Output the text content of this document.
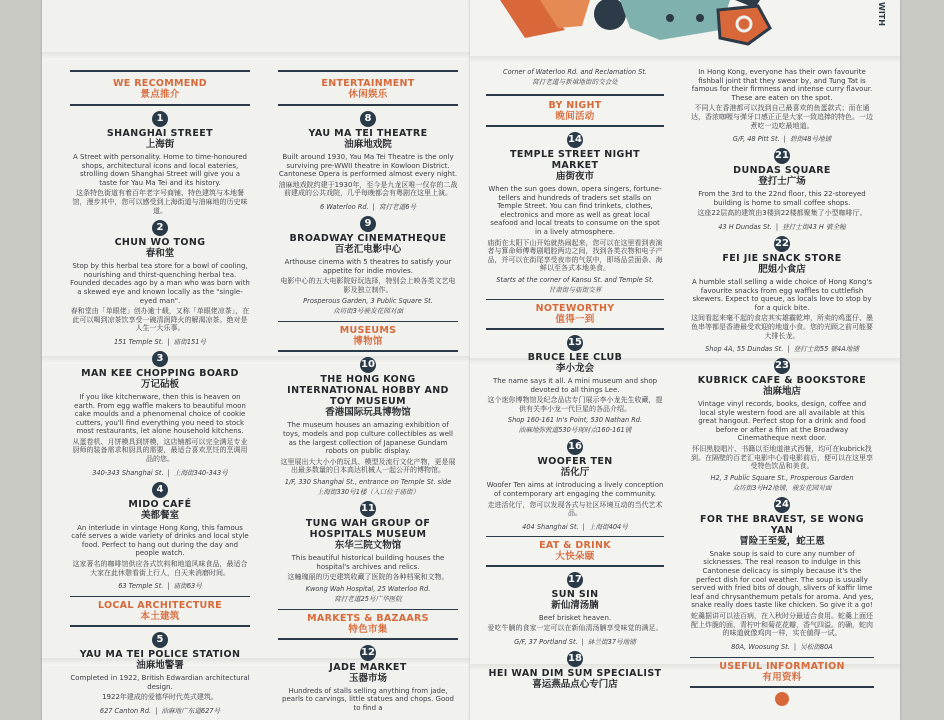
WE RECOMMEND
景点推介
1
SHANGHAI STREET
上海街
A Street with personality. Home to time-honoured shops, architectural icons and local eateries, strolling down Shanghai Street will give you a taste for Yau Ma Tei and its history.
这条特色街道有着百年老字号商铺、特色建筑与本地餐馆，漫步其中，您可以感受到上海街道与油麻地的历史味道。
2
CHUN WO TONG
春和堂
Stop by this herbal tea store for a bowl of cooling, nourishing and thirst-quenching herbal tea. Founded decades ago by a man who was born with a skewed eye and known locally as the "single-eyed man".
春和堂由「单眼佬」创办逾十载，又称「单眼佬凉茶」，在此可以喝到凉茶饮享受一碗清润降火的解渴凉茶。绝对是人生一大乐事。
151 Temple St. | 庙街151号
3
MAN KEE CHOPPING BOARD
万记砧板
If you like kitchenware, then this is heaven on earth. From egg waffle makers to beautiful moon cake moulds and a phenomenal choice of cookie cutters, you'll find everything you need to stock most restaurants, let alone household kitchens.
从蛋卷机、月饼模具到饼模，这店铺都可以完全满足专业厨师的装备需求和厨具的需要，最适合喜欢烹饪的烹调用品的您。
340-343 Shanghai St. | 上海街340-343号
4
MIDO CAFÉ
美都餐室
An interlude in vintage Hong Kong, this famous café serves a wide variety of drinks and local style food. Perfect to hang out during the day and people watch.
这家著名的咖啡馆供应各式饮料和地道风味食品，最适合大家在此休憩看街上行人，白天来消磨时间。
63 Temple St. | 庙街63号
LOCAL ARCHITECTURE
本土建筑
5
YAU MA TEI POLICE STATION
油麻地警署
Completed in 1922, British Edwardian architectural design.
1922年建成的爱德华时代英式建筑。
627 Canton Rd. | 油麻地广东道627号
ENTERTAINMENT
休闲娱乐
8
YAU MA TEI THEATRE
油麻地戏院
Built around 1930, Yau Ma Tei Theatre is the only surviving pre-WWII theatre in Kowloon District. Cantonese Opera is performed almost every night.
油麻地戏院约建于1930年，至今是九龙区唯一仅存的二战前建成的公共戏院，几乎每晚都会有粤剧在这里上演。
6 Waterloo Rd. | 窝打老道6号
9
BROADWAY CINEMATHEQUE
百老汇电影中心
Arthouse cinema with 5 theatres to satisfy your appetite for indie movies.
电影中心的五大电影院好玩选择，特别会上映各类文艺电影及独立制作。
Prosperous Garden, 3 Public Square St.
众坊街3号骏发花园对面
MUSEUMS
博物馆
10
THE HONG KONG INTERNATIONAL HOBBY AND TOY MUSEUM
香港国际玩具博物馆
The museum houses an amazing exhibition of toys, models and pop culture collectibles as well as the largest collection of Japanese Gundam robots on public display.
这里展出大大小小的玩具、模型及流行文化产物，更是展出最多数量的日本高达机械人一起公开的博物馆。
1/F, 330 Shanghai St., entrance on Temple St. side
上海街330号1楼（入口位于庙街）
11
TUNG WAH GROUP OF HOSPITALS MUSEUM
东华三院文物馆
This beautiful historical building houses the hospital's archives and relics.
这幢瑰丽的历史建筑收藏了医院的各种档案和文物。
Kwong Wah Hospital, 25 Waterloo Rd.
窝打老道25号广华医院
MARKETS & BAZAARS
特色市集
12
JADE MARKET
玉器市场
Hundreds of stalls selling anything from jade, pearls to carvings, little statues and chops. Good to find a
WITH
Corner of Waterloo Rd. and Reclamation St.
窝打老道与新填地街的交会处
BY NIGHT
晚间活动
14
TEMPLE STREET NIGHT MARKET
庙街夜市
When the sun goes down, opera singers, fortune-tellers and hundreds of traders set stalls on Temple Street. You can find trinkets, clothes, electronics and more as well as great local seafood and local treats to consume on the spot in a lively atmosphere.
庙街在太阳下山开始就热闹起来，您可以在这里看到表演者与算命师傅粤剧唱腔两边之间，找到各类衣物和电子产品，并可以在街尾享受夜市的气氛中，即场品尝面条、海鲜以至各式本地美食。
Starts at the corner of Kansu St. and Temple St.
甘肃街与庙街交界
NOTEWORTHY
值得一到
15
BRUCE LEE CLUB
李小龙会
The name says it all. A mini museum and shop devoted to all things Lee.
这个迷你博物馆及纪念品店专门展示李小龙先生收藏，提供有关李小龙一代巨星的各品介绍。
Shop 160-161 In's Point, 530 Nathan Rd.
油麻地弥敦道530号现时点160-161铺
16
WOOFER TEN
活化厅
Woofer Ten aims at introducing a lively conception of contemporary art engaging the community.
走进活化厅，您可以发现各式与社区环境互动的当代艺术品。
404 Shanghai St. | 上海街404号
EAT & DRINK
大快朵颐
17
SUN SIN
新仙清汤腩
Beef brisket heaven.
爱吃牛腩的食家一定可以在新仙清汤腩享受味觉的满足。
G/F, 37 Portland St. | 砵兰街37号地铺
18
HEI WAN DIM SUM SPECIALIST
喜运燕品点心专门店
In Hong Kong, everyone has their own favourite fishball joint that they swear by, and Tung Tat is famous for their firmness and intense curry flavour. These are eaten on the spot.
不同人在香港都可以找到自己最喜欢的鱼蛋款式；而在通达，香浓咖喱与弹牙口感正正是大家一致追捧的特色。一边煮吃一边吃最地道。
G/F, 48 Pitt St. | 碧街48号地铺
21
DUNDAS SQUARE
登打士广场
From the 3rd to the 22nd floor, this 22-storeyed building is home to small coffee shops.
这座22层高的建筑由3楼到22楼都聚集了小型咖啡厅。
43 H Dundas St. | 登打士街43 H 號全幢
22
FEI JIE SNACK STORE
肥姐小食店
A humble stall selling a wide choice of Hong Kong's favourite snacks from egg waffles to cuttlefish skewers. Expect to queue, as locals love to stop by for a quick bite.
这间看起来毫不起的食店其实雄霸乾坤，所卖的鸡蛋仔、墨鱼串等都是香港最受欢迎的地道小食。您的光顾之前可能要大排长龙。
Shop 4A, 55 Dundas St. | 登打士街55 號4A地铺
23
KUBRICK CAFE & BOOKSTORE
油麻地店
Vintage vinyl records, books, design, coffee and local style western food are all available at this great hangout. Perfect stop for a drink and food before or after a film at the Broadway Cinematheque next door.
怀旧黑胶唱片、书籍以至地道港式西餐，均可在kubrick找到。在隔壁的百老汇电影中心看电影前后，便可以在这里享受特色饮品和美食。
H2, 3 Public Square St., Prosperous Garden
众坊街3号H2地铺，骏发花园对面
24
FOR THE BRAVEST, SE WONG YAN
冒险王至爱，蛇王恩
Snake soup is said to cure any number of sicknesses. The real reason to indulge in this Cantonese delicacy is simply because it's the perfect dish for cool weather. The soup is usually served with fried bits of dough, slivers of kaffir lime leaf and chrysanthemum petals for aroma. And yes, snake really does taste like chicken. So give it a go!
蛇羹据讲可以祛百病，在入秋时分最适合食用。蛇羹上面还配上炸脆的面，青柠叶和菊花花瓣，香气四溢。的确，蛇肉的味道就像鸡肉一样，实在値得一试。
80A, Woosung St. | 吴松街80A
USEFUL INFORMATION
有用资料
